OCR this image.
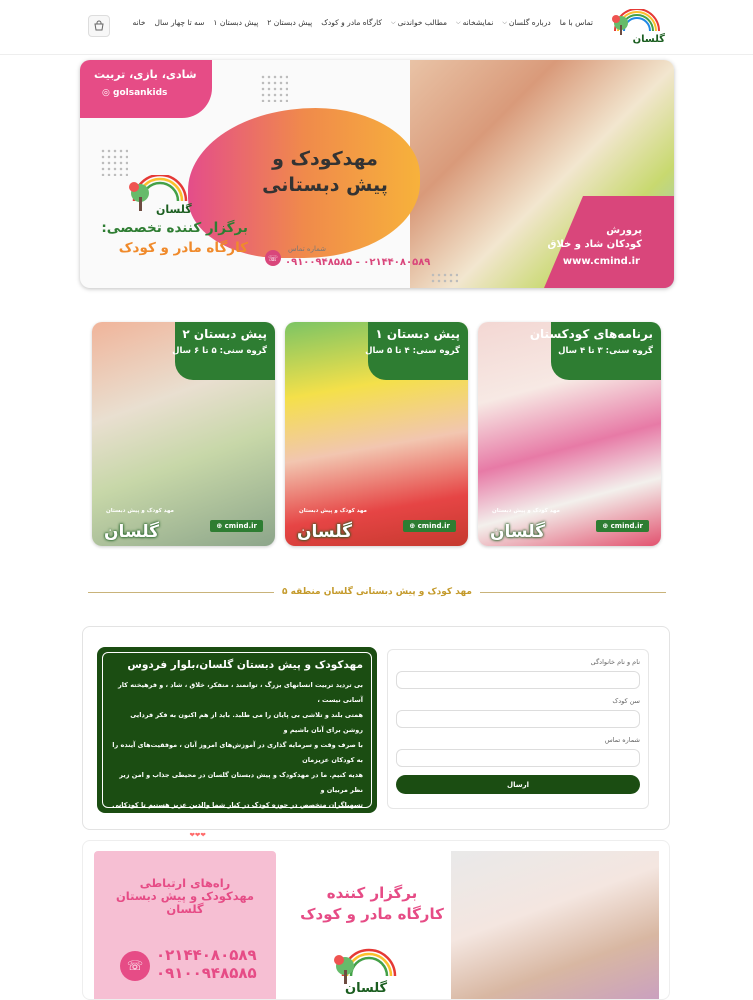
گلسان
خانه سه تا چهار سال پیش دبستان ۱ پیش دبستان ۲ کارگاه مادر و کودک مطالب خواندنی
⌵	نمایشخانه
⌵	درباره گلسان
⌵	تماس با ما
شادی، بازی، تربیت
◎ golsankids
مهدکودک و
پیش دبستانی
گلسان
برگزار کننده تخصصی:
کارگاه مادر و کودک
☏
شماره تماس
۰۲۱۴۴۰۸۰۵۸۹ - ۰۹۱۰۰۹۴۸۵۸۵
پرورش
کودکان شاد و خلاق
www.cmind.ir
پیش دبستان ۲
گروه سنی: ۵ تا ۶ سال
مهد کودک و پیش دبستان
گلسان	⊕ cmind.ir
پیش دبستان ۱
گروه سنی: ۴ تا ۵ سال
مهد کودک و پیش دبستان
گلسان	⊕ cmind.ir
برنامه‌های کودکستان
گروه سنی: ۳ تا ۴ سال
مهد کودک و پیش دبستان
گلسان	⊕ cmind.ir
مهد کودک و پیش دبستانی گلسان منطقه ۵
مهدکودک و پیش دبستان گلسان،بلوار فردوس

بی تردید تربیت انسانهای بزرگ ، توانمند ، متفکر، خلاق ، شاد ، و فرهیخته کار آسانی نیست ،
همتی بلند و تلاشی بی پایان را می طلبد. باید از هم اکنون به فکر فردایی روشن برای آنان باشیم و
با صرف وقت و سرمایه گذاری در آموزش‌های امروز آنان ، موفقیت‌های آینده را به کودکان عزیزمان
هدیه کنیم. ما در مهدکودک و پیش دبستان گلسان در محیطی جذاب و امن زیر نظر مربیان و
تسهیلگران متخصص در حوزه کودک در کنار شما والدین عزیز هستیم تا کودکانی شاد، خلاق،
مسئولیت پذیر، مستقل و توانمند را پرورش دهیم ❤❤❤

نام و نام خانوادگی
سن کودک
شماره تماس
ارسال
راه‌های ارتباطی
مهدکودک و پیش دبستان
گلسان
☏
۰۲۱۴۴۰۸۰۵۸۹
۰۹۱۰۰۹۴۸۵۸۵
برگزار کننده
کارگاه مادر و کودک
گلسان
